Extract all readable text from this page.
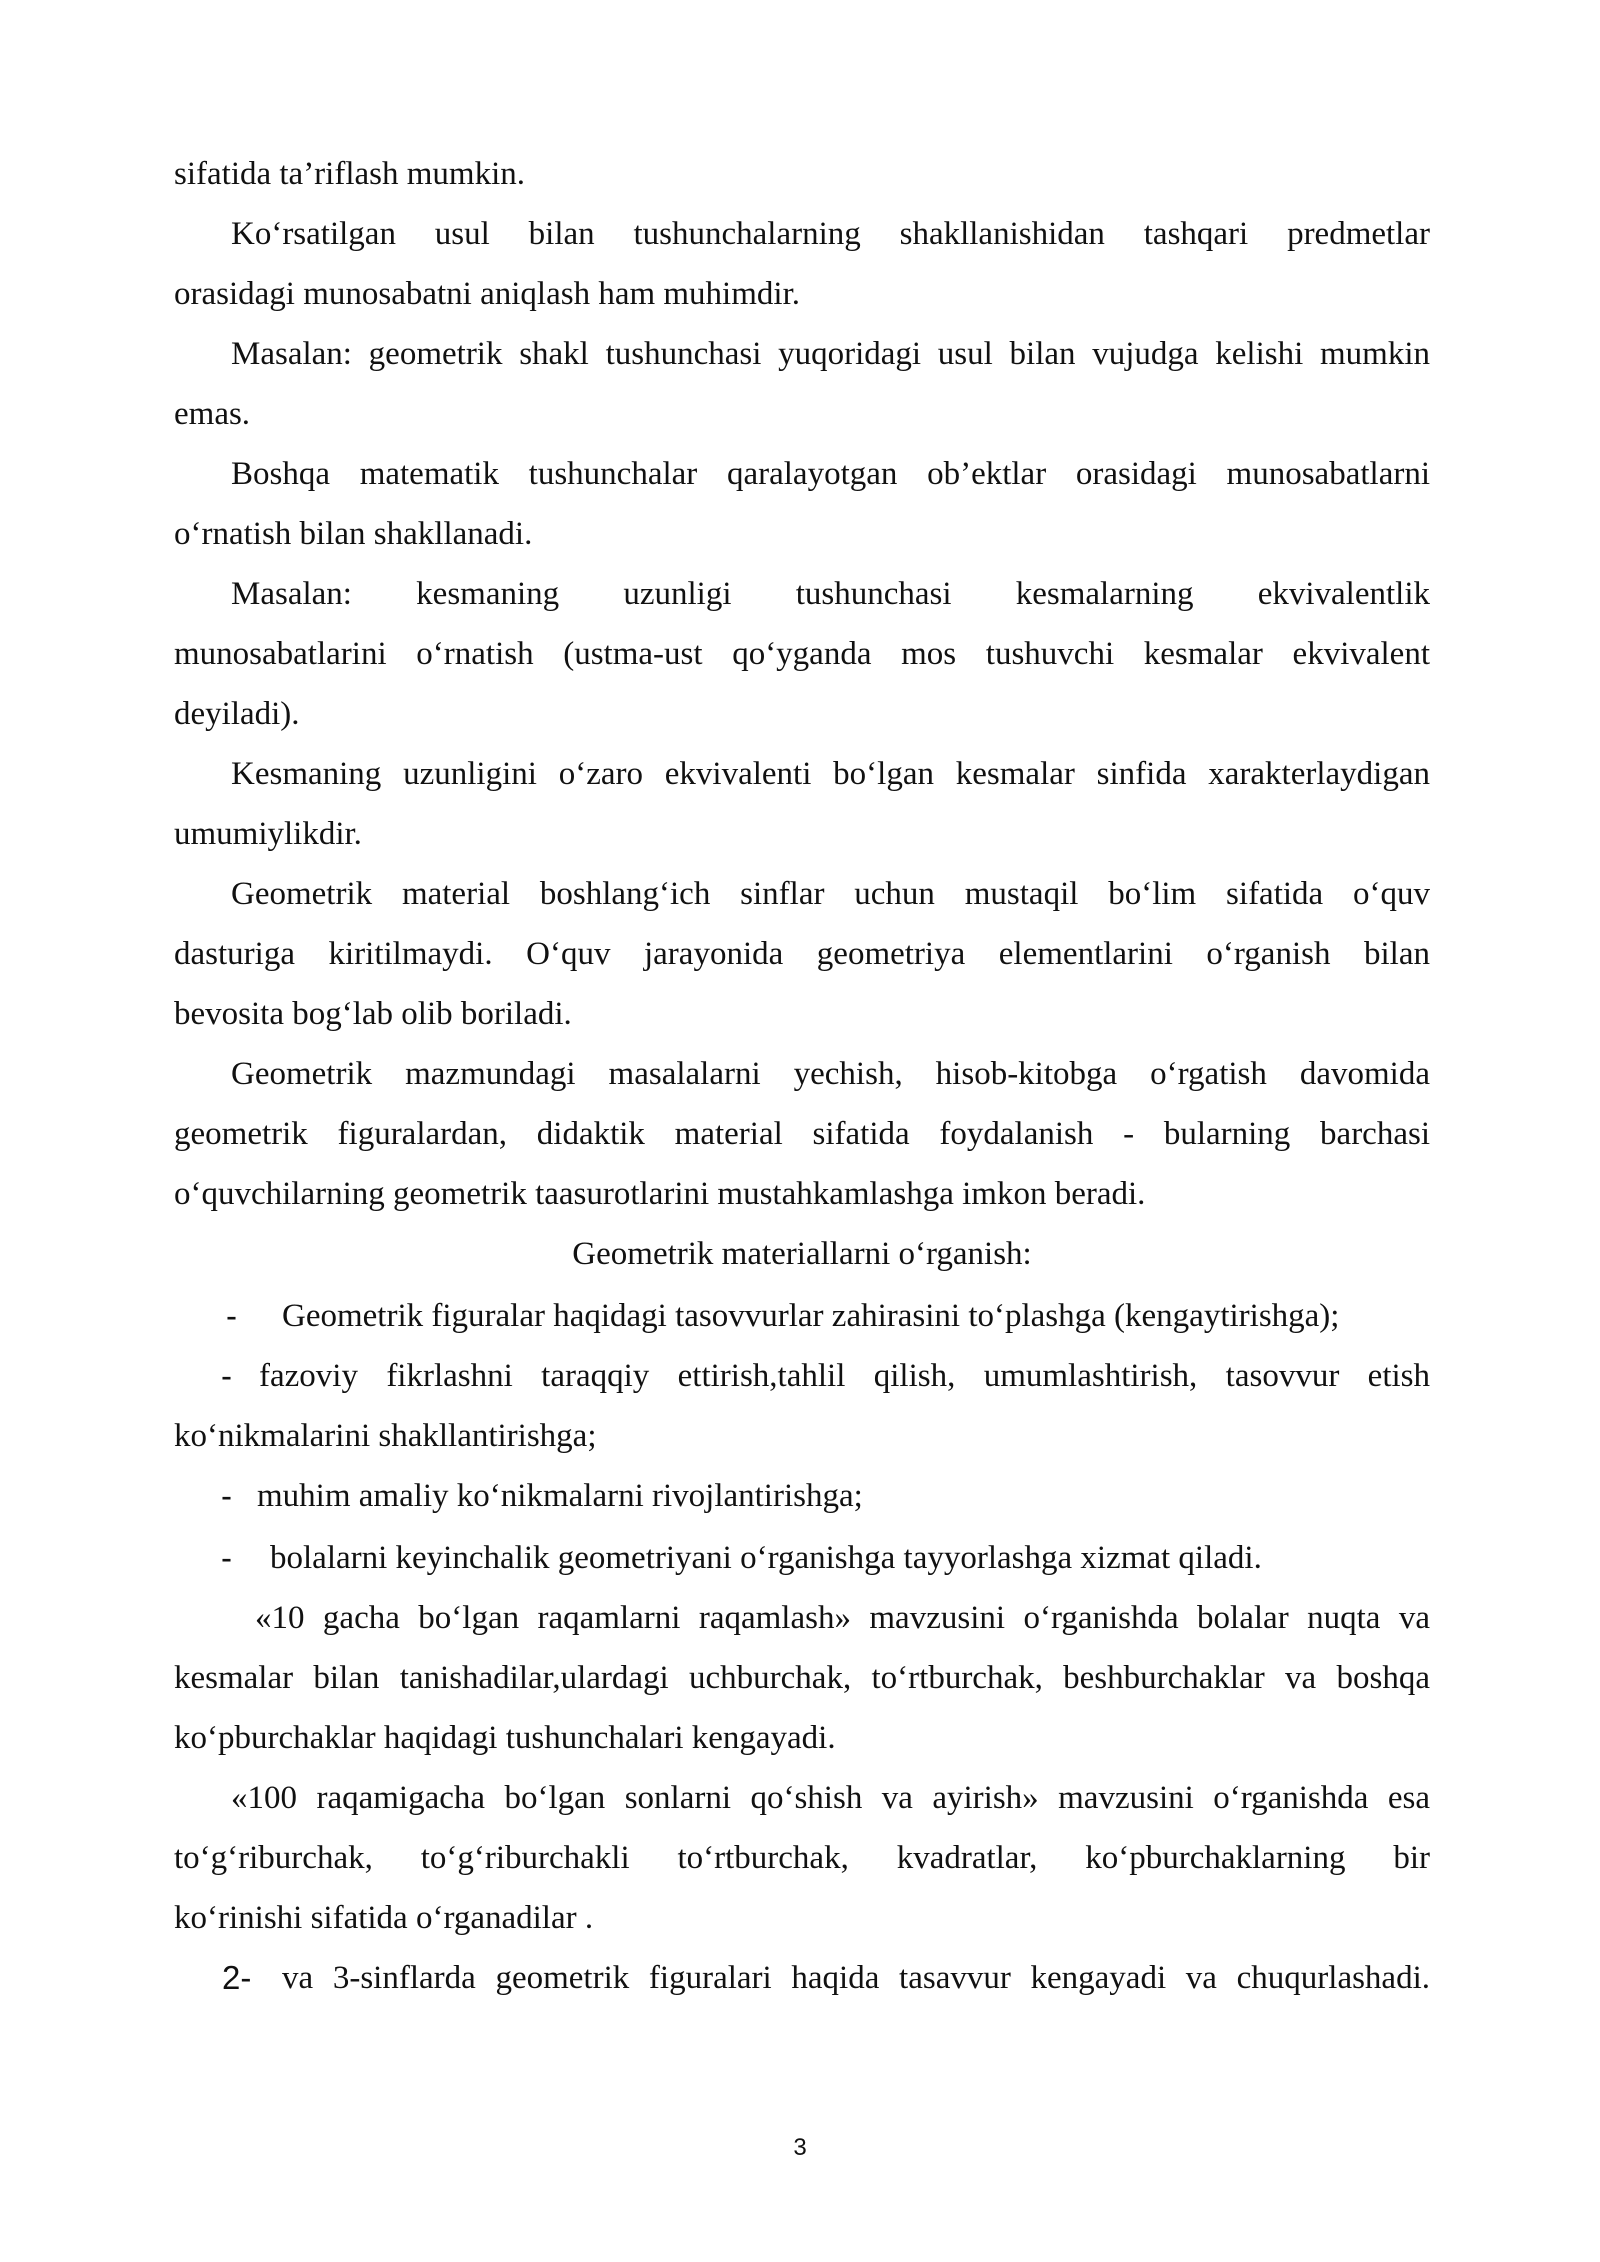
sifatida ta’riflash mumkin.
Ko‘rsatilgan usul bilan tushunchalarning shakllanishidan tashqari predmetlar
orasidagi munosabatni aniqlash ham muhimdir.
Masalan: geometrik shakl tushunchasi yuqoridagi usul bilan vujudga kelishi mumkin
emas.
Boshqa matematik tushunchalar qaralayotgan ob’ektlar orasidagi munosabatlarni
o‘rnatish bilan shakllanadi.
Masalan: kesmaning uzunligi tushunchasi kesmalarning ekvivalentlik
munosabatlarini o‘rnatish (ustma-ust qo‘yganda mos tushuvchi kesmalar ekvivalent
deyiladi).
Kesmaning uzunligini o‘zaro ekvivalenti bo‘lgan kesmalar sinfida xarakterlaydigan
umumiylikdir.
Geometrik material boshlang‘ich sinflar uchun mustaqil bo‘lim sifatida o‘quv
dasturiga kiritilmaydi. O‘quv jarayonida geometriya elementlarini o‘rganish bilan
bevosita bog‘lab olib boriladi.
Geometrik mazmundagi masalalarni yechish, hisob-kitobga o‘rgatish davomida
geometrik figuralardan, didaktik material sifatida foydalanish - bularning barchasi
o‘quvchilarning geometrik taasurotlarini mustahkamlashga imkon beradi.
Geometrik materiallarni o‘rganish:
- Geometrik figuralar haqidagi tasovvurlar zahirasini to‘plashga (kengaytirishga);
- fazoviy fikrlashni taraqqiy ettirish,tahlil qilish, umumlashtirish, tasovvur etish
ko‘nikmalarini shakllantirishga;
- muhim amaliy ko‘nikmalarni rivojlantirishga;
- bolalarni keyinchalik geometriyani o‘rganishga tayyorlashga xizmat qiladi.
«10 gacha bo‘lgan raqamlarni raqamlash» mavzusini o‘rganishda bolalar nuqta va
kesmalar bilan tanishadilar,ulardagi uchburchak, to‘rtburchak, beshburchaklar va boshqa
ko‘pburchaklar haqidagi tushunchalari kengayadi.
«100 raqamigacha bo‘lgan sonlarni qo‘shish va ayirish» mavzusini o‘rganishda esa
to‘g‘riburchak, to‘g‘riburchakli to‘rtburchak, kvadratlar, ko‘pburchaklarning bir
ko‘rinishi sifatida o‘rganadilar .
2- va 3-sinflarda geometrik figuralari haqida tasavvur kengayadi va chuqurlashadi.
3
